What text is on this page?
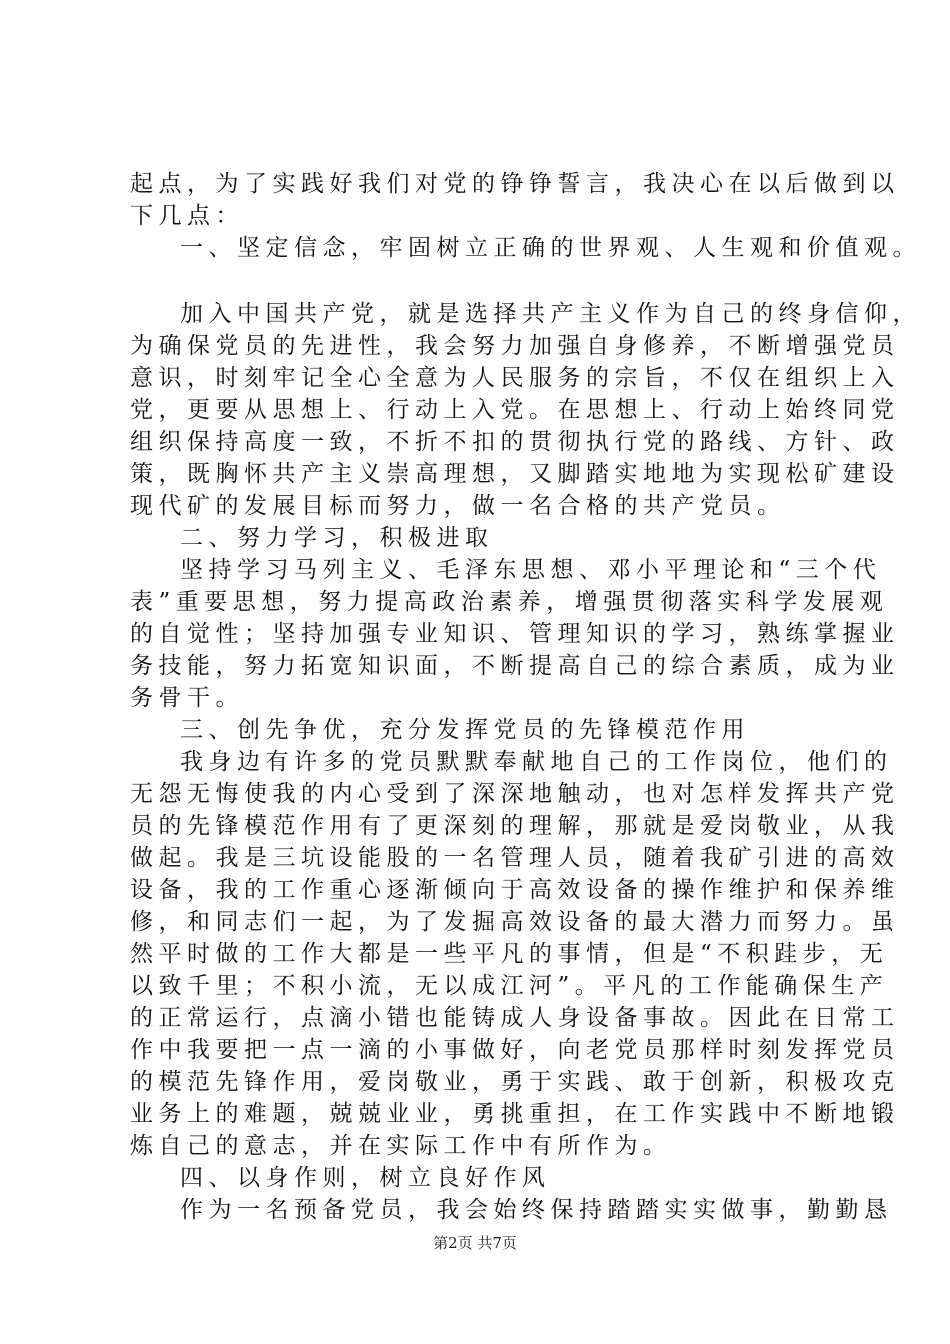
起点，为了实践好我们对党的铮铮誓言，我决心在以后做到以
下几点：
一、坚定信念，牢固树立正确的世界观、人生观和价值观。
加入中国共产党，就是选择共产主义作为自己的终身信仰，
为确保党员的先进性，我会努力加强自身修养，不断增强党员
意识，时刻牢记全心全意为人民服务的宗旨，不仅在组织上入
党，更要从思想上、行动上入党。在思想上、行动上始终同党
组织保持高度一致，不折不扣的贯彻执行党的路线、方针、政
策，既胸怀共产主义崇高理想，又脚踏实地地为实现松矿建设
现代矿的发展目标而努力，做一名合格的共产党员。
二、努力学习，积极进取
坚持学习马列主义、毛泽东思想、邓小平理论和“三个代
表”重要思想，努力提高政治素养，增强贯彻落实科学发展观
的自觉性；坚持加强专业知识、管理知识的学习，熟练掌握业
务技能，努力拓宽知识面，不断提高自己的综合素质，成为业
务骨干。
三、创先争优，充分发挥党员的先锋模范作用
我身边有许多的党员默默奉献地自己的工作岗位，他们的
无怨无悔使我的内心受到了深深地触动，也对怎样发挥共产党
员的先锋模范作用有了更深刻的理解，那就是爱岗敬业，从我
做起。我是三坑设能股的一名管理人员，随着我矿引进的高效
设备，我的工作重心逐渐倾向于高效设备的操作维护和保养维
修，和同志们一起，为了发掘高效设备的最大潜力而努力。虽
然平时做的工作大都是一些平凡的事情，但是“不积跬步，无
以致千里；不积小流，无以成江河”。平凡的工作能确保生产
的正常运行，点滴小错也能铸成人身设备事故。因此在日常工
作中我要把一点一滴的小事做好，向老党员那样时刻发挥党员
的模范先锋作用，爱岗敬业，勇于实践、敢于创新，积极攻克
业务上的难题，兢兢业业，勇挑重担，在工作实践中不断地锻
炼自己的意志，并在实际工作中有所作为。
四、以身作则，树立良好作风
作为一名预备党员，我会始终保持踏踏实实做事，勤勤恳
第2页 共7页
